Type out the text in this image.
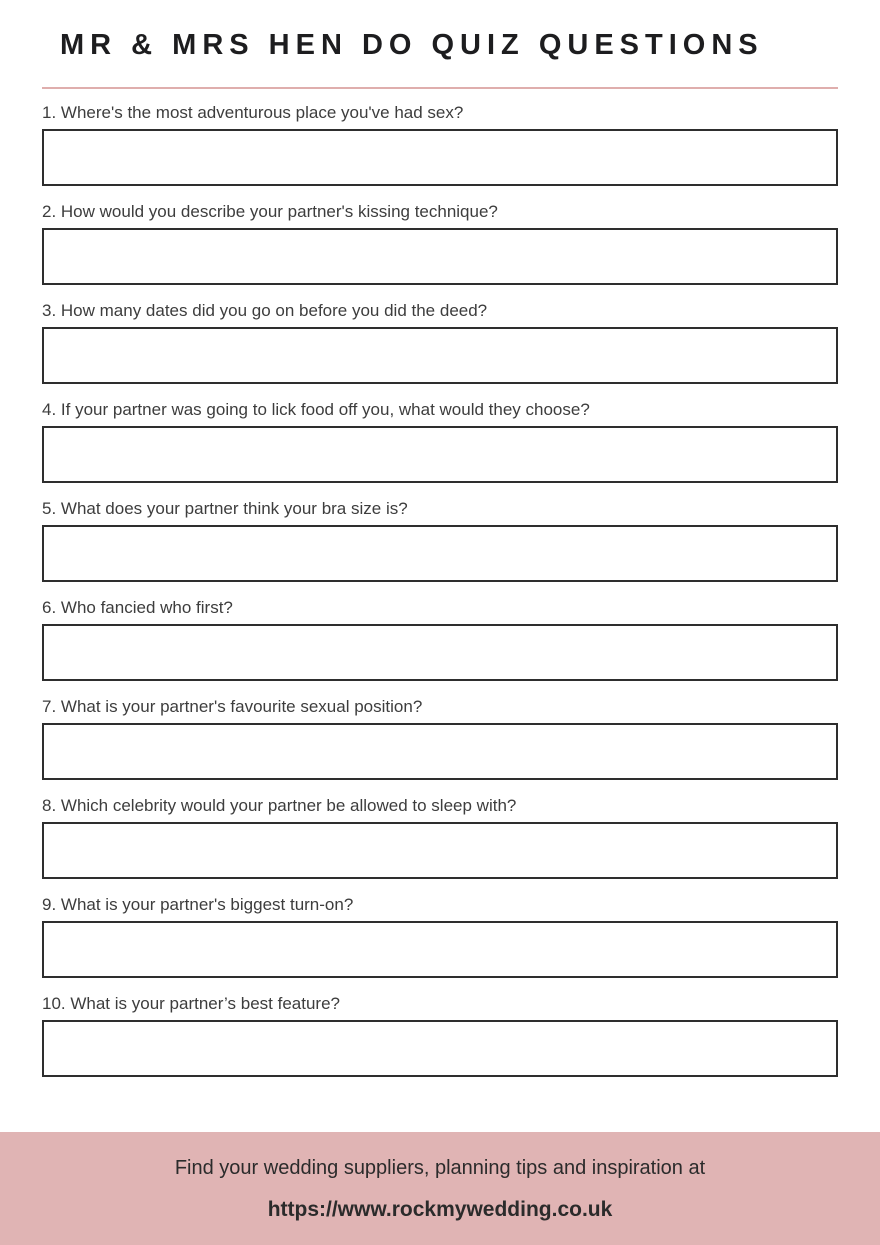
MR & MRS HEN DO QUIZ QUESTIONS
1. Where's the most adventurous place you've had sex?
2. How would you describe your partner's kissing technique?
3. How many dates did you go on before you did the deed?
4. If your partner was going to lick food off you, what would they choose?
5. What does your partner think your bra size is?
6. Who fancied who first?
7. What is your partner's favourite sexual position?
8. Which celebrity would your partner be allowed to sleep with?
9. What is your partner's biggest turn-on?
10. What is your partner’s best feature?

Find your wedding suppliers, planning tips and inspiration at

https://www.rockmywedding.co.uk
